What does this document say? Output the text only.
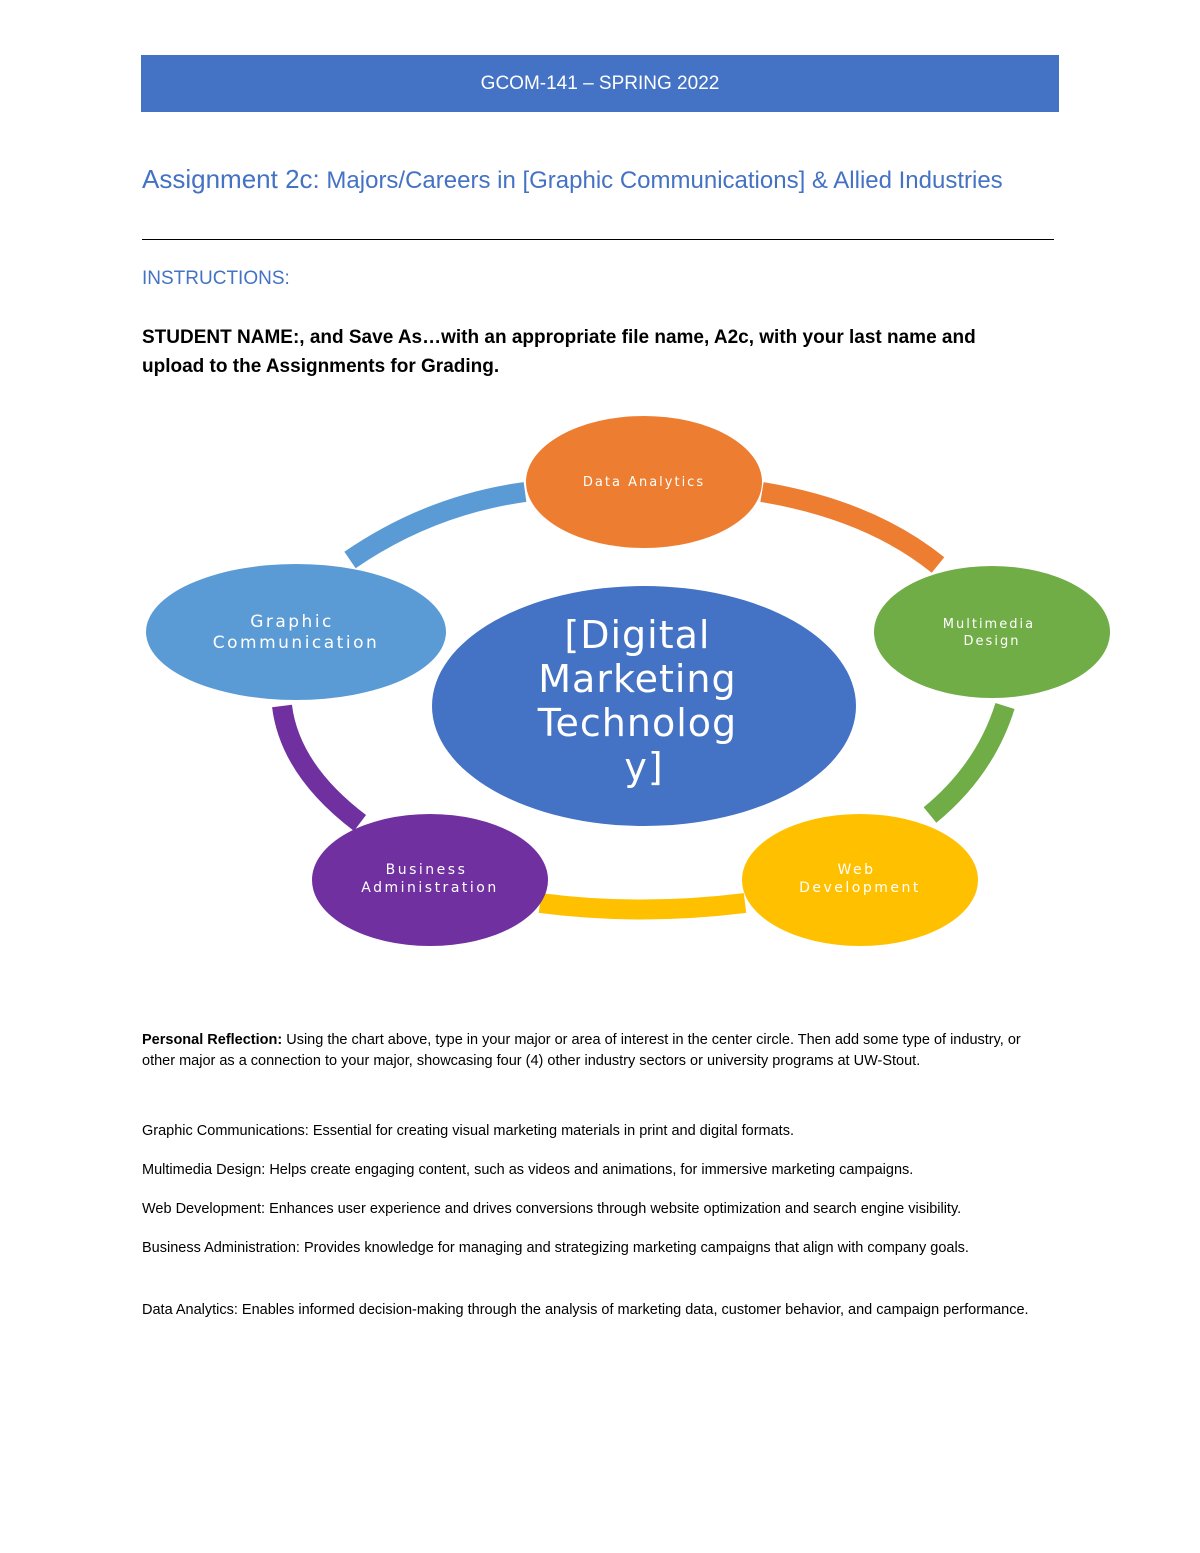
GCOM-141 – SPRING 2022
Assignment 2c: Majors/Careers in [Graphic Communications] & Allied Industries
INSTRUCTIONS:
STUDENT NAME:, and Save As…with an appropriate file name, A2c, with your last name and upload to the Assignments for Grading.
[Digital Marketing Technolog y]
Data Analytics
Multimedia Design
Web Development
Business Administration
Graphic Communication
Personal Reflection: Using the chart above, type in your major or area of interest in the center circle. Then add some type of industry, or other major as a connection to your major, showcasing four (4) other industry sectors or university programs at UW-Stout.
Graphic Communications: Essential for creating visual marketing materials in print and digital formats.
Multimedia Design: Helps create engaging content, such as videos and animations, for immersive marketing campaigns.
Web Development: Enhances user experience and drives conversions through website optimization and search engine visibility.
Business Administration: Provides knowledge for managing and strategizing marketing campaigns that align with company goals.
Data Analytics: Enables informed decision-making through the analysis of marketing data, customer behavior, and campaign performance.
